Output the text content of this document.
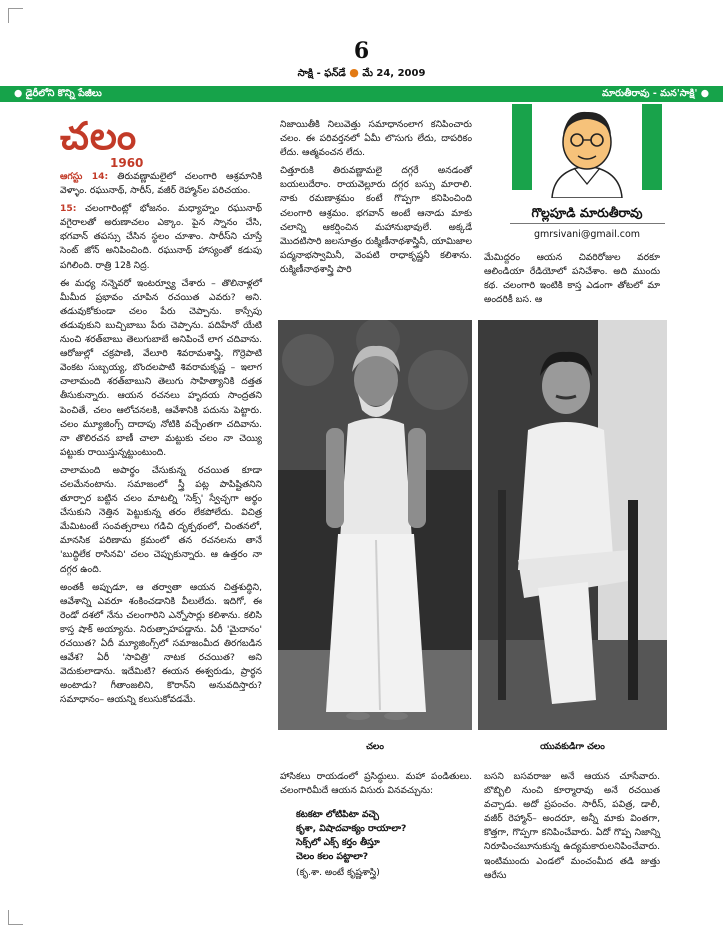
6
సాక్షి - ఫన్‌డే ● మే 24, 2009
● డైరీలోని కొన్ని పేజీలు	మారుతీరావు - మన'సాక్షి' ●
చలం
1960

ఆగస్టు 14: తిరువణ్ణామలైలో చలంగారి ఆశ్రమానికి వెళ్ళాం. రఘునాథ్, సారీస్, వజీర్ రెహ్మాన్‌ల పరిచయం.

15: చలంగారింట్లో భోజనం. మధ్యాహ్నం రఘునాథ్ వగైరాలతో అరుణాచలం ఎక్కాం. పైన స్నానం చేసి, భగవాన్ తపస్సు చేసిన స్థలం చూశాం. సారీస్‌ని చూస్తే సెంట్ జోన్ అనిపించింది. రఘునాథ్ హాస్యంతో కడుపు పగిలింది. రాత్రి 12కి నిద్ర.

ఈ మధ్య నన్నెవరో ఇంటర్వ్యూ చేశారు – తొలినాళ్లలో మీమీద ప్రభావం చూపిన రచయిత ఎవరు? అని. తడువుకోకుండా చలం పేరు చెప్పాను. కాస్సేపు తడువుకుని బుచ్చిబాబు పేరు చెప్పాను. పదిహేనో యేటి నుంచి శరత్‌బాబు తెలుగుబాబే అనిపించే లాగ చదివాను. ఆరోజుల్లో చక్రపాణి, వేలూరి శివరామశాస్త్రి, గొర్రెపాటి వెంకట సుబ్బయ్య, బొందలపాటి శివరామకృష్ణ – ఇలాగ చాలామంది శరత్‌బాబుని తెలుగు సాహిత్యానికి దత్తత తీసుకున్నారు. ఆయన రచనలు హృదయ సాంద్రతని పెంచితే, చలం ఆలోచనలకి, ఆవేశానికి పదును పెట్టారు. చలం మ్యూజింగ్స్ దాదాపు నోటికి వచ్చేంతగా చదివాను. నా తొలిరచన బాణీ చాలా మట్టుకు చలం నా చెయ్యి పట్టుకు రాయిస్తున్నట్టుంటుంది.

చాలామంది అపార్థం చేసుకున్న రచయిత కూడా చలమేనంటాను. సమాజంలో స్త్రీ పట్ల పాపిష్టితనిని తూర్పార బట్టిన చలం మాటల్ని 'సెక్స్' స్వేచ్ఛగా అర్థం చేసుకుని నెత్తిన పెట్టుకున్న తరం లేకపోలేదు. విచిత్ర మేమిటంటే సంవత్సరాలు గడిచి దృక్పథంలో, చింతనలో, మానసిక పరిణామ క్రమంలో తన రచనలను తానే 'బుద్ధిలేక రాసినవి' చలం చెప్పుకున్నారు. ఆ ఉత్తరం నా దగ్గర ఉంది.

అంతకీ అప్పుడూ, ఆ తర్వాతా ఆయన చిత్తశుద్ధిని, ఆవేశాన్ని ఎవరూ శంకించడానికి వీలులేదు. ఇదిగో, ఈ రెండో దశలో నేను చలంగారిని ఎన్నోసార్లు కలిశాను. కలిసి కాస్త షాక్ అయ్యాను. నిరుత్సాహపడ్డాను. ఏరీ 'మైదానం' రచయిత? ఏదీ మ్యూజింగ్స్‌లో సమాజంమీద తిరగబడిన ఆవేశ? ఏరీ 'సావిత్రి' నాటక రచయిత? అని వెదుకులాడాను. ఇదేమిటి? ఈయన ఈశ్వరుడు, ప్రార్థన అంటాడు? గీతాంజలిని, కొరాన్‌ని అనువదిస్తారు? సమాధానం– ఆయన్ని కలుసుకోవడమే.

నిజాయితీకి నిలువెత్తు సమాధానంలాగ కనిపించారు చలం. ఈ పరివర్తనలో ఏమీ లొసుగు లేదు, దాపరికం లేదు. ఆత్మవంచన లేదు.

చిత్తూరుకి తిరువణ్ణామలై దగ్గరే అనడంతో బయలుదేరాం. రాయవెల్లూరు దగ్గర బస్సు మారాలి. నాకు రమణాశ్రమం కంటే గొప్పగా కనిపించింది చలంగారి ఆశ్రమం. భగవాన్ అంటే ఆనాడు మాకు చలాన్ని ఆకర్షించిన మహానుభావులే. అక్కడే మొదటిసారి జలసూత్రం రుక్మిణీనాథశాస్త్రినీ, యామిజాల పద్మనాభస్వామినీ, వెంపటి రాధాకృష్ణనీ కలిశాను. రుక్మిణీనాథశాస్త్రి పారి

గొల్లపూడి మారుతీరావు
gmrsivani@gmail.com

మేమిద్దరం ఆయన చివరిరోజుల వరకూ ఆలిండియా రేడియోలో పనిచేశాం. అది ముందు కథ. చలంగారి ఇంటికి కాస్త ఎడంగా తోటలో మా అందరికీ బస. ఆ

చలం	యువకుడిగా చలం

హాసికలు రాయడంలో ప్రసిద్ధులు. మహా పండితులు. చలంగారిమీదే ఆయన విసురు వినవచ్చును:

కటకటా లోటిపిటా వచ్చె
కృశా, విషాదవాక్యం రాయాలా?
సెక్స్‌లో ఎక్స్ కర్తం తీస్తూ
చెలం కలం పట్టాలా?
(కృ.శా. అంటే కృష్ణశాస్త్రి)

బసని బసవరాజు అనే ఆయన చూసేవారు. బొబ్బిలి నుంచి కూర్మారావు అనే రచయిత వచ్చాడు. అదో ప్రపంచం. సారీస్, పవిత్ర, డాలీ, వజీర్ రెహ్మాన్– అందరూ, అన్నీ మాకు వింతగా, కొత్తగా, గొప్పగా కనిపించేవారు. ఏదో గొప్ప నిజాన్ని నిరూపించబూనుకున్న ఉద్యమకారులనిపించేవారు. ఇంటిముందు ఎండలో మంచంమీద తడి జుత్తు ఆరేసు
